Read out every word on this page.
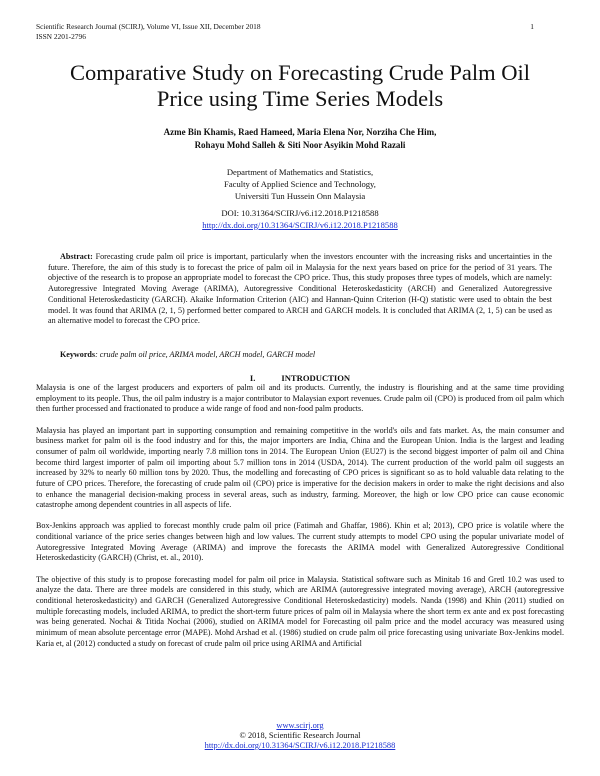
Scientific Research Journal (SCIRJ), Volume VI, Issue XII, December 2018
ISSN 2201-2796
1
Comparative Study on Forecasting Crude Palm Oil
Price using Time Series Models
Azme Bin Khamis, Raed Hameed, Maria Elena Nor, Norziha Che Him,
Rohayu Mohd Salleh & Siti Noor Asyikin Mohd Razali
Department of Mathematics and Statistics,
Faculty of Applied Science and Technology,
Universiti Tun Hussein Onn Malaysia
DOI: 10.31364/SCIRJ/v6.i12.2018.P1218588
http://dx.doi.org/10.31364/SCIRJ/v6.i12.2018.P1218588
Abstract: Forecasting crude palm oil price is important, particularly when the investors encounter with the increasing risks and uncertainties in the future. Therefore, the aim of this study is to forecast the price of palm oil in Malaysia for the next years based on price for the period of 31 years. The objective of the research is to propose an appropriate model to forecast the CPO price. Thus, this study proposes three types of models, which are namely: Autoregressive Integrated Moving Average (ARIMA), Autoregressive Conditional Heteroskedasticity (ARCH) and Generalized Autoregressive Conditional Heteroskedasticity (GARCH). Akaike Information Criterion (AIC) and Hannan-Quinn Criterion (H-Q) statistic were used to obtain the best model. It was found that ARIMA (2, 1, 5) performed better compared to ARCH and GARCH models. It is concluded that ARIMA (2, 1, 5) can be used as an alternative model to forecast the CPO price.
Keywords: crude palm oil price, ARIMA model, ARCH model, GARCH model
I.	INTRODUCTION

Malaysia is one of the largest producers and exporters of palm oil and its products. Currently, the industry is flourishing and at the same time providing employment to its people. Thus, the oil palm industry is a major contributor to Malaysian export revenues. Crude palm oil (CPO) is produced from oil palm which then further processed and fractionated to produce a wide range of food and non-food palm products.

Malaysia has played an important part in supporting consumption and remaining competitive in the world's oils and fats market. As, the main consumer and business market for palm oil is the food industry and for this, the major importers are India, China and the European Union. India is the largest and leading consumer of palm oil worldwide, importing nearly 7.8 million tons in 2014. The European Union (EU27) is the second biggest importer of palm oil and China become third largest importer of palm oil importing about 5.7 million tons in 2014 (USDA, 2014). The current production of the world palm oil suggests an increased by 32% to nearly 60 million tons by 2020. Thus, the modelling and forecasting of CPO prices is significant so as to hold valuable data relating to the future of CPO prices. Therefore, the forecasting of crude palm oil (CPO) price is imperative for the decision makers in order to make the right decisions and also to enhance the managerial decision-making process in several areas, such as industry, farming. Moreover, the high or low CPO price can cause economic catastrophe among dependent countries in all aspects of life.

Box-Jenkins approach was applied to forecast monthly crude palm oil price (Fatimah and Ghaffar, 1986). Khin et al; 2013), CPO price is volatile where the conditional variance of the price series changes between high and low values. The current study attempts to model CPO using the popular univariate model of Autoregressive Integrated Moving Average (ARIMA) and improve the forecasts the ARIMA model with Generalized Autoregressive Conditional Heteroskedasticity (GARCH) (Christ, et. al., 2010).

The objective of this study is to propose forecasting model for palm oil price in Malaysia. Statistical software such as Minitab 16 and Gretl 10.2 was used to analyze the data. There are three models are considered in this study, which are ARIMA (autoregressive integrated moving average), ARCH (autoregressive conditional heteroskedasticity) and GARCH (Generalized Autoregressive Conditional Heteroskedasticity) models. Nanda (1998) and Khin (2011) studied on multiple forecasting models, included ARIMA, to predict the short-term future prices of palm oil in Malaysia where the short term ex ante and ex post forecasting was being generated. Nochai & Titida Nochai (2006), studied on ARIMA model for Forecasting oil palm price and the model accuracy was measured using minimum of mean absolute percentage error (MAPE). Mohd Arshad et al. (1986) studied on crude palm oil price forecasting using univariate Box-Jenkins model. Karia et, al (2012) conducted a study on forecast of crude palm oil price using ARIMA and Artificial

www.scirj.org
© 2018, Scientific Research Journal
http://dx.doi.org/10.31364/SCIRJ/v6.i12.2018.P1218588
